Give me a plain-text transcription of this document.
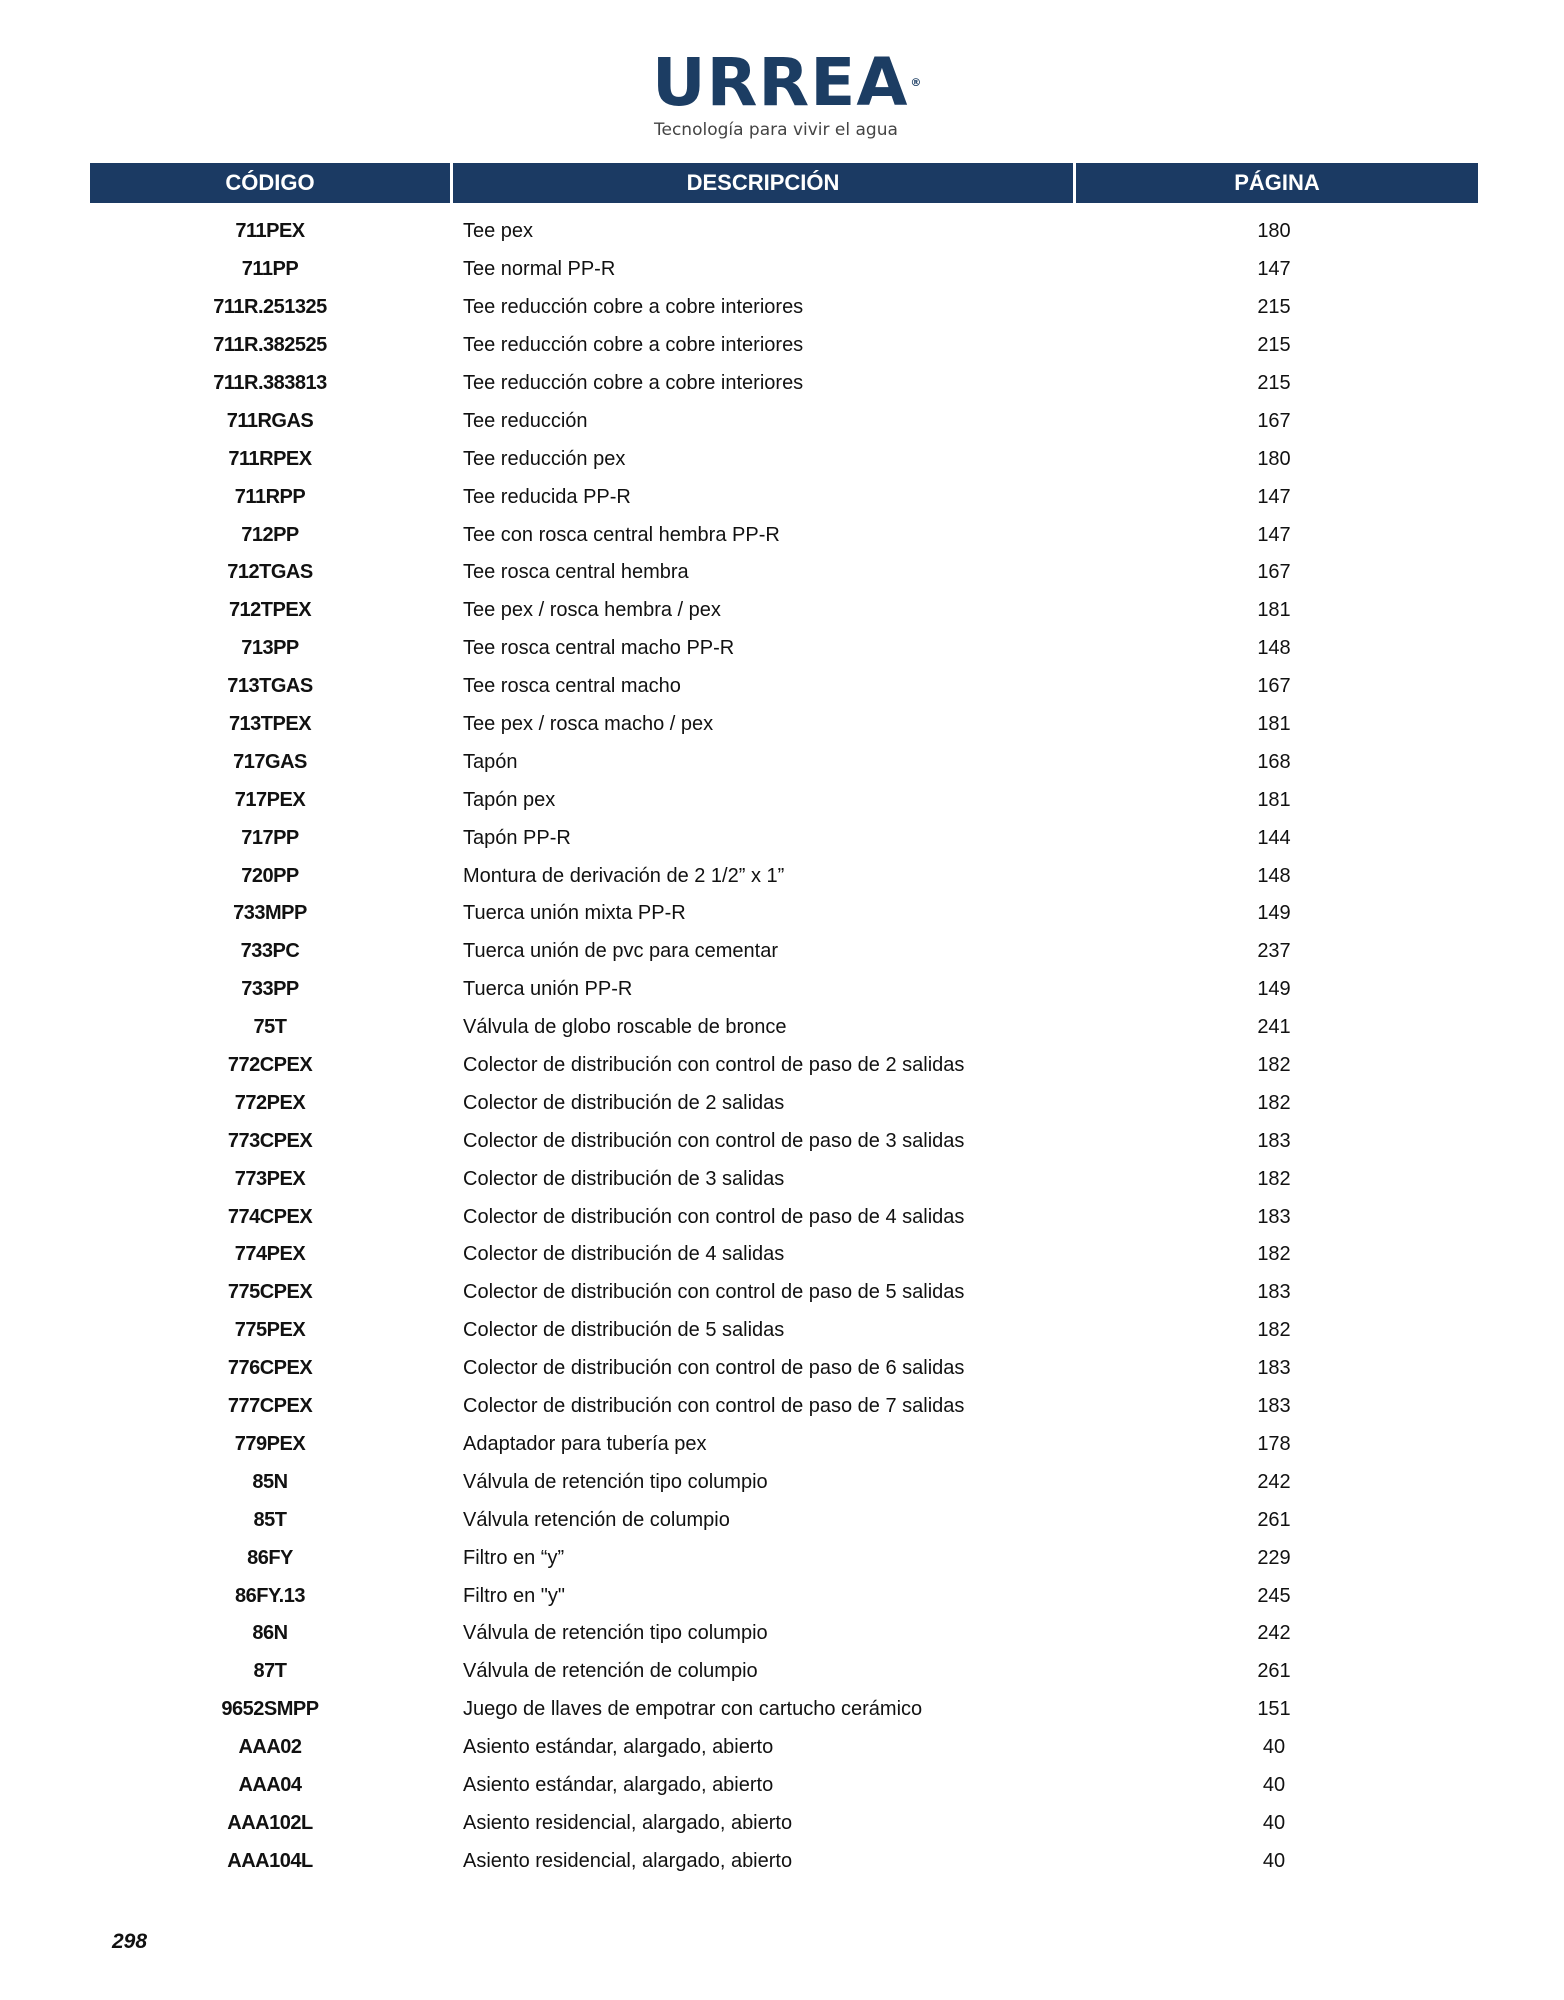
URREA ®
Tecnología para vivir el agua
CÓDIGO	DESCRIPCIÓN	PÁGINA
711PEX	Tee pex	180
711PP	Tee normal PP-R	147
711R.251325	Tee reducción cobre a cobre interiores	215
711R.382525	Tee reducción cobre a cobre interiores	215
711R.383813	Tee reducción cobre a cobre interiores	215
711RGAS	Tee reducción	167
711RPEX	Tee reducción pex	180
711RPP	Tee reducida PP-R	147
712PP	Tee con rosca central hembra PP-R	147
712TGAS	Tee rosca central hembra	167
712TPEX	Tee pex / rosca hembra / pex	181
713PP	Tee rosca central macho PP-R	148
713TGAS	Tee rosca central macho	167
713TPEX	Tee pex / rosca macho / pex	181
717GAS	Tapón	168
717PEX	Tapón pex	181
717PP	Tapón PP-R	144
720PP	Montura de derivación de 2 1/2” x 1”	148
733MPP	Tuerca unión mixta PP-R	149
733PC	Tuerca unión de pvc para cementar	237
733PP	Tuerca unión PP-R	149
75T	Válvula de globo roscable de bronce	241
772CPEX	Colector de distribución con control de paso de 2 salidas	182
772PEX	Colector de distribución de 2 salidas	182
773CPEX	Colector de distribución con control de paso de 3 salidas	183
773PEX	Colector de distribución de 3 salidas	182
774CPEX	Colector de distribución con control de paso de 4 salidas	183
774PEX	Colector de distribución de 4 salidas	182
775CPEX	Colector de distribución con control de paso de 5 salidas	183
775PEX	Colector de distribución de 5 salidas	182
776CPEX	Colector de distribución con control de paso de 6 salidas	183
777CPEX	Colector de distribución con control de paso de 7 salidas	183
779PEX	Adaptador para tubería pex	178
85N	Válvula de retención tipo columpio	242
85T	Válvula retención de columpio	261
86FY	Filtro en “y”	229
86FY.13	Filtro en "y"	245
86N	Válvula de retención tipo columpio	242
87T	Válvula de retención de columpio	261
9652SMPP	Juego de llaves de empotrar con cartucho cerámico	151
AAA02	Asiento estándar, alargado, abierto	40
AAA04	Asiento estándar, alargado, abierto	40
AAA102L	Asiento residencial, alargado, abierto	40
AAA104L	Asiento residencial, alargado, abierto	40
298
